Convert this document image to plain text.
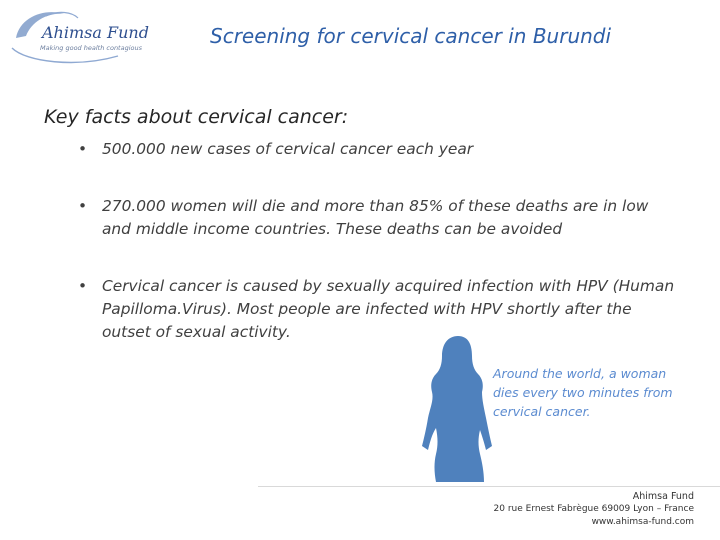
Ahimsa Fund
Making good health contagious	Screening for cervical cancer in Burundi
Key facts about cervical cancer:
• 500.000 new cases of cervical cancer each year
• 270.000 women will die and more than 85% of these deaths are in low and middle income countries. These deaths can be avoided
• Cervical cancer is caused by sexually acquired infection with HPV (Human Papilloma.Virus). Most people are infected with HPV shortly after the outset of sexual activity.
Around the world, a woman dies every two minutes from cervical cancer.
Ahimsa Fund
20 rue Ernest Fabrègue 69009 Lyon – France
www.ahimsa-fund.com
